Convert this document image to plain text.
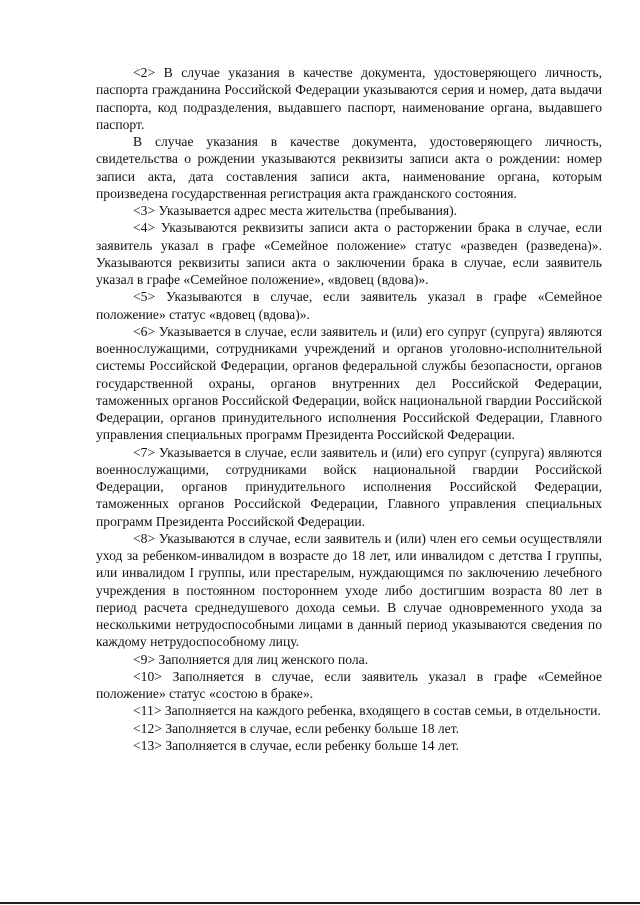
<2> В случае указания в качестве документа, удостоверяющего личность, паспорта гражданина Российской Федерации указываются серия и номер, дата выдачи паспорта, код подразделения, выдавшего паспорт, наименование органа, выдавшего паспорт.

В случае указания в качестве документа, удостоверяющего личность, свидетельства о рождении указываются реквизиты записи акта о рождении: номер записи акта, дата составления записи акта, наименование органа, которым произведена государственная регистрация акта гражданского состояния.

<3> Указывается адрес места жительства (пребывания).

<4> Указываются реквизиты записи акта о расторжении брака в случае, если заявитель указал в графе «Семейное положение» статус «разведен (разведена)». Указываются реквизиты записи акта о заключении брака в случае, если заявитель указал в графе «Семейное положение», «вдовец (вдова)».

<5> Указываются в случае, если заявитель указал в графе «Семейное положение» статус «вдовец (вдова)».

<6> Указывается в случае, если заявитель и (или) его супруг (супруга) являются военнослужащими, сотрудниками учреждений и органов уголовно-исполнительной системы Российской Федерации, органов федеральной службы безопасности, органов государственной охраны, органов внутренних дел Российской Федерации, таможенных органов Российской Федерации, войск национальной гвардии Российской Федерации, органов принудительного исполнения Российской Федерации, Главного управления специальных программ Президента Российской Федерации.

<7> Указывается в случае, если заявитель и (или) его супруг (супруга) являются военнослужащими, сотрудниками войск национальной гвардии Российской Федерации, органов принудительного исполнения Российской Федерации, таможенных органов Российской Федерации, Главного управления специальных программ Президента Российской Федерации.

<8> Указываются в случае, если заявитель и (или) член его семьи осуществляли уход за ребенком-инвалидом в возрасте до 18 лет, или инвалидом с детства I группы, или инвалидом I группы, или престарелым, нуждающимся по заключению лечебного учреждения в постоянном постороннем уходе либо достигшим возраста 80 лет в период расчета среднедушевого дохода семьи. В случае одновременного ухода за несколькими нетрудоспособными лицами в данный период указываются сведения по каждому нетрудоспособному лицу.

<9> Заполняется для лиц женского пола.

<10> Заполняется в случае, если заявитель указал в графе «Семейное положение» статус «состою в браке».

<11> Заполняется на каждого ребенка, входящего в состав семьи, в отдельности.

<12> Заполняется в случае, если ребенку больше 18 лет.

<13> Заполняется в случае, если ребенку больше 14 лет.
